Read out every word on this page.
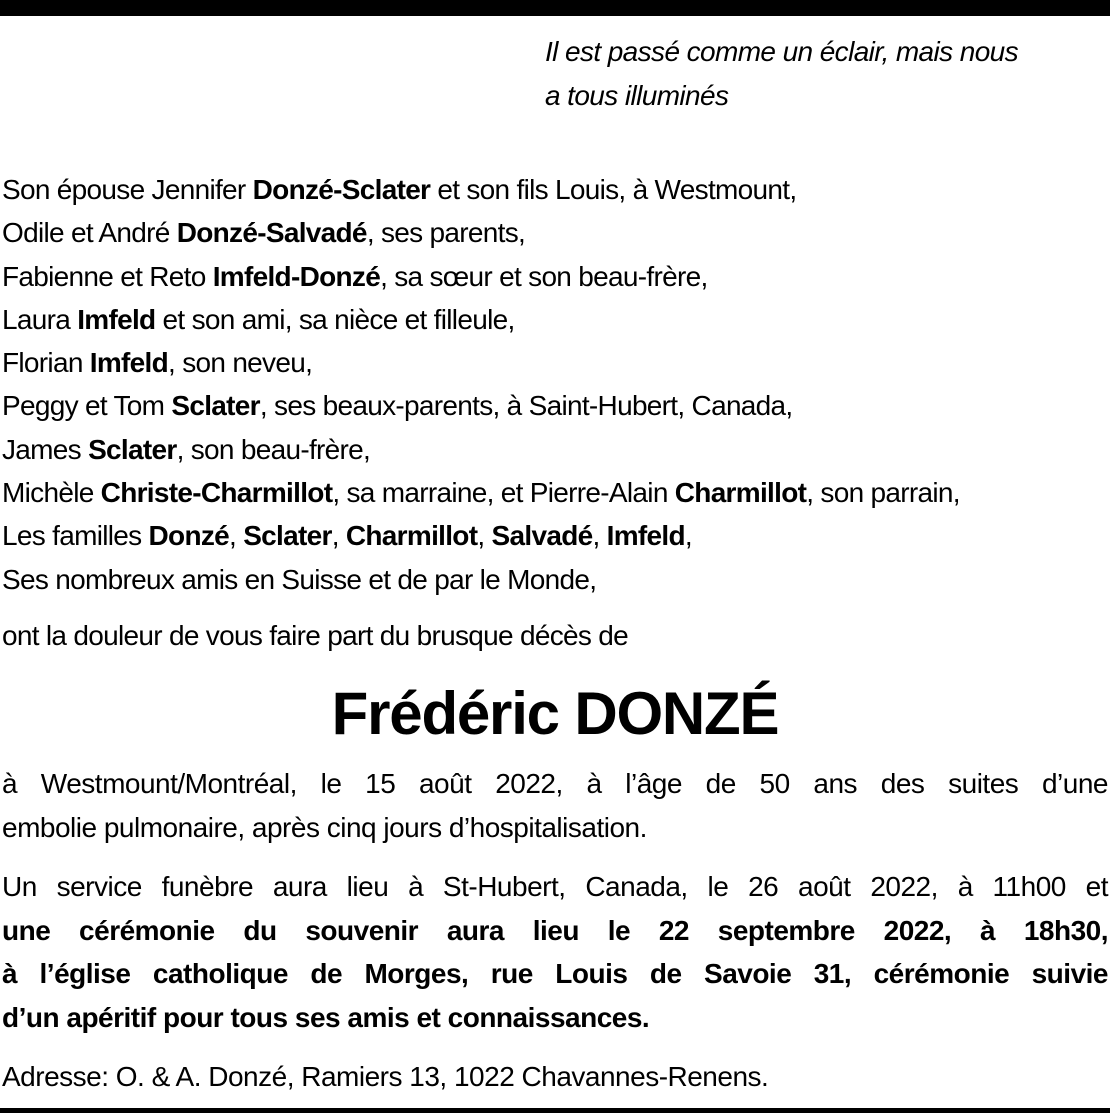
Il est passé comme un éclair, mais nous
a tous illuminés
Son épouse Jennifer Donzé-Sclater et son fils Louis, à Westmount,
Odile et André Donzé-Salvadé, ses parents,
Fabienne et Reto Imfeld-Donzé, sa sœur et son beau-frère,
Laura Imfeld et son ami, sa nièce et filleule,
Florian Imfeld, son neveu,
Peggy et Tom Sclater, ses beaux-parents, à Saint-Hubert, Canada,
James Sclater, son beau-frère,
Michèle Christe-Charmillot, sa marraine, et Pierre-Alain Charmillot, son parrain,
Les familles Donzé, Sclater, Charmillot, Salvadé, Imfeld,
Ses nombreux amis en Suisse et de par le Monde,
ont la douleur de vous faire part du brusque décès de
Frédéric DONZÉ
à Westmount/Montréal, le 15 août 2022, à l’âge de 50 ans des suites d’une
embolie pulmonaire, après cinq jours d’hospitalisation.
Un service funèbre aura lieu à St-Hubert, Canada, le 26 août 2022, à 11h00 et
une cérémonie du souvenir aura lieu le 22 septembre 2022, à 18h30,
à l’église catholique de Morges, rue Louis de Savoie 31, cérémonie suivie
d’un apéritif pour tous ses amis et connaissances.
Adresse: O. & A. Donzé, Ramiers 13, 1022 Chavannes-Renens.
